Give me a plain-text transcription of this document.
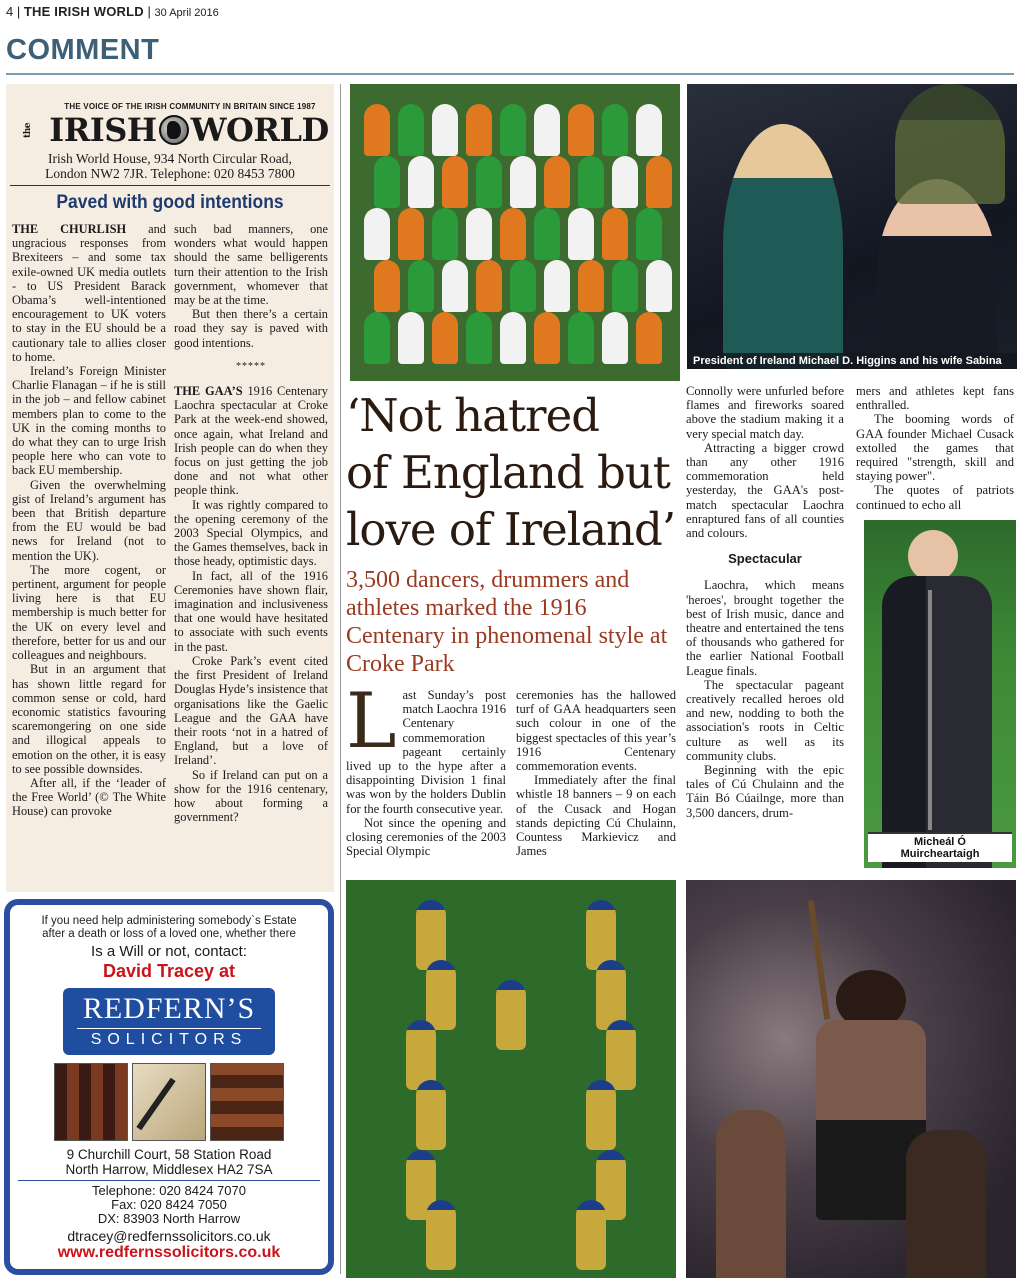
4 | THE IRISH WORLD | 30 April 2016
COMMENT
THE VOICE OF THE IRISH COMMUNITY IN BRITAIN SINCE 1987
the IRISH WORLD
Irish World House, 934 North Circular Road,
London NW2 7JR. Telephone: 020 8453 7800
Paved with good intentions

THE CHURLISH and ungracious responses from Brexiteers – and some tax exile-owned UK media outlets - to US President Barack Obama’s well-intentioned encouragement to UK voters to stay in the EU should be a cautionary tale to allies closer to home.

Ireland’s Foreign Minister Charlie Flanagan – if he is still in the job – and fellow cabinet members plan to come to the UK in the coming months to do what they can to urge Irish people here who can vote to back EU membership.

Given the overwhelming gist of Ireland’s argument has been that British departure from the EU would be bad news for Ireland (not to mention the UK).

The more cogent, or pertinent, argument for people living here is that EU membership is much better for the UK on every level and therefore, better for us and our colleagues and neighbours.

But in an argument that has shown little regard for common sense or cold, hard economic statistics favouring scaremongering on one side and illogical appeals to emotion on the other, it is easy to see possible downsides.

After all, if the ‘leader of the Free World’ (© The White House) can provoke

such bad manners, one wonders what would happen should the same belligerents turn their attention to the Irish government, whomever that may be at the time.

But then there’s a certain road they say is paved with good intentions.

*****

THE GAA’S 1916 Centenary Laochra spectacular at Croke Park at the week-end showed, once again, what Ireland and Irish people can do when they focus on just getting the job done and not what other people think.

It was rightly compared to the opening ceremony of the 2003 Special Olympics, and the Games themselves, back in those heady, optimistic days.

In fact, all of the 1916 Ceremonies have shown flair, imagination and inclusiveness that one would have hesitated to associate with such events in the past.

Croke Park’s event cited the first President of Ireland Douglas Hyde’s insistence that organisations like the Gaelic League and the GAA have their roots ‘not in a hatred of England, but a love of Ireland’.

So if Ireland can put on a show for the 1916 centenary, how about forming a government?

If you need help administering somebody`s Estate after a death or loss of a loved one, whether there
Is a Will or not, contact:
David Tracey at
REDFERN’S
SOLICITORS
9 Churchill Court, 58 Station Road
North Harrow, Middlesex HA2 7SA
Telephone: 020 8424 7070
Fax: 020 8424 7050
DX: 83903 North Harrow
dtracey@redfernssolicitors.co.uk
www.redfernssolicitors.co.uk
President of Ireland Michael D. Higgins and his wife Sabina
Micheál Ó Muircheartaigh
‘Not hatred
of England but
love of Ireland’
3,500 dancers, drummers and athletes marked the 1916 Centenary in phenomenal style at Croke Park

Last Sunday’s post match Laochra 1916 Centenary commemoration pageant certainly lived up to the hype after a disappointing Division 1 final was won by the holders Dublin for the fourth consecutive year.

Not since the opening and closing ceremonies of the 2003 Special Olympic

ceremonies has the hallowed turf of GAA headquarters seen such colour in one of the biggest spectacles of this year’s 1916 Centenary commemoration events.

Immediately after the final whistle 18 banners – 9 on each of the Cusack and Hogan stands depicting Cú Chulainn, Countess Markievicz and James

Connolly were unfurled before flames and fireworks soared above the stadium making it a very special match day.

Attracting a bigger crowd than any other 1916 commemoration held yesterday, the GAA's post-match spectacular Laochra enraptured fans of all counties and colours.

Spectacular

Laochra, which means 'heroes', brought together the best of Irish music, dance and theatre and entertained the tens of thousands who gathered for the earlier National Football League finals.

The spectacular pageant creatively recalled heroes old and new, nodding to both the association's roots in Celtic culture as well as its community clubs.

Beginning with the epic tales of Cú Chulainn and the Táin Bó Cúailnge, more than 3,500 dancers, drum-

mers and athletes kept fans enthralled.

The booming words of GAA founder Michael Cusack extolled the games that required "strength, skill and staying power".

The quotes of patriots continued to echo all
